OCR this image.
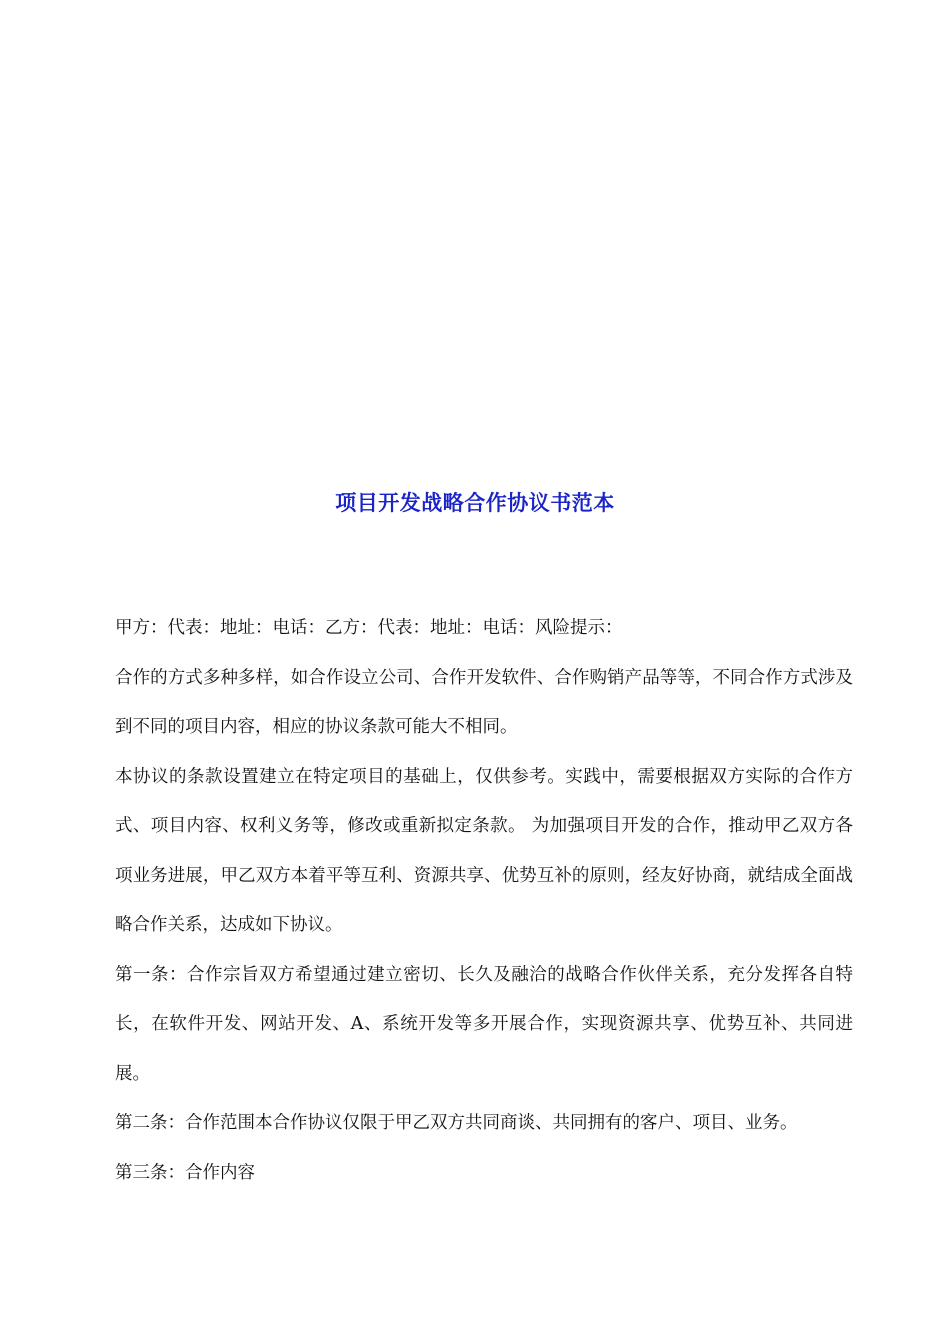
项目开发战略合作协议书范本

甲方：代表：地址：电话：乙方：代表：地址：电话：风险提示：

合作的方式多种多样，如合作设立公司、合作开发软件、合作购销产品等等，不同合作方式涉及到不同的项目内容，相应的协议条款可能大不相同。

本协议的条款设置建立在特定项目的基础上，仅供参考。实践中，需要根据双方实际的合作方式、项目内容、权利义务等，修改或重新拟定条款。 为加强项目开发的合作，推动甲乙双方各项业务进展，甲乙双方本着平等互利、资源共享、优势互补的原则，经友好协商，就结成全面战略合作关系，达成如下协议。

第一条：合作宗旨双方希望通过建立密切、长久及融洽的战略合作伙伴关系，充分发挥各自特长，在软件开发、网站开发、A、系统开发等多开展合作，实现资源共享、优势互补、共同进展。

第二条：合作范围本合作协议仅限于甲乙双方共同商谈、共同拥有的客户、项目、业务。

第三条：合作内容
